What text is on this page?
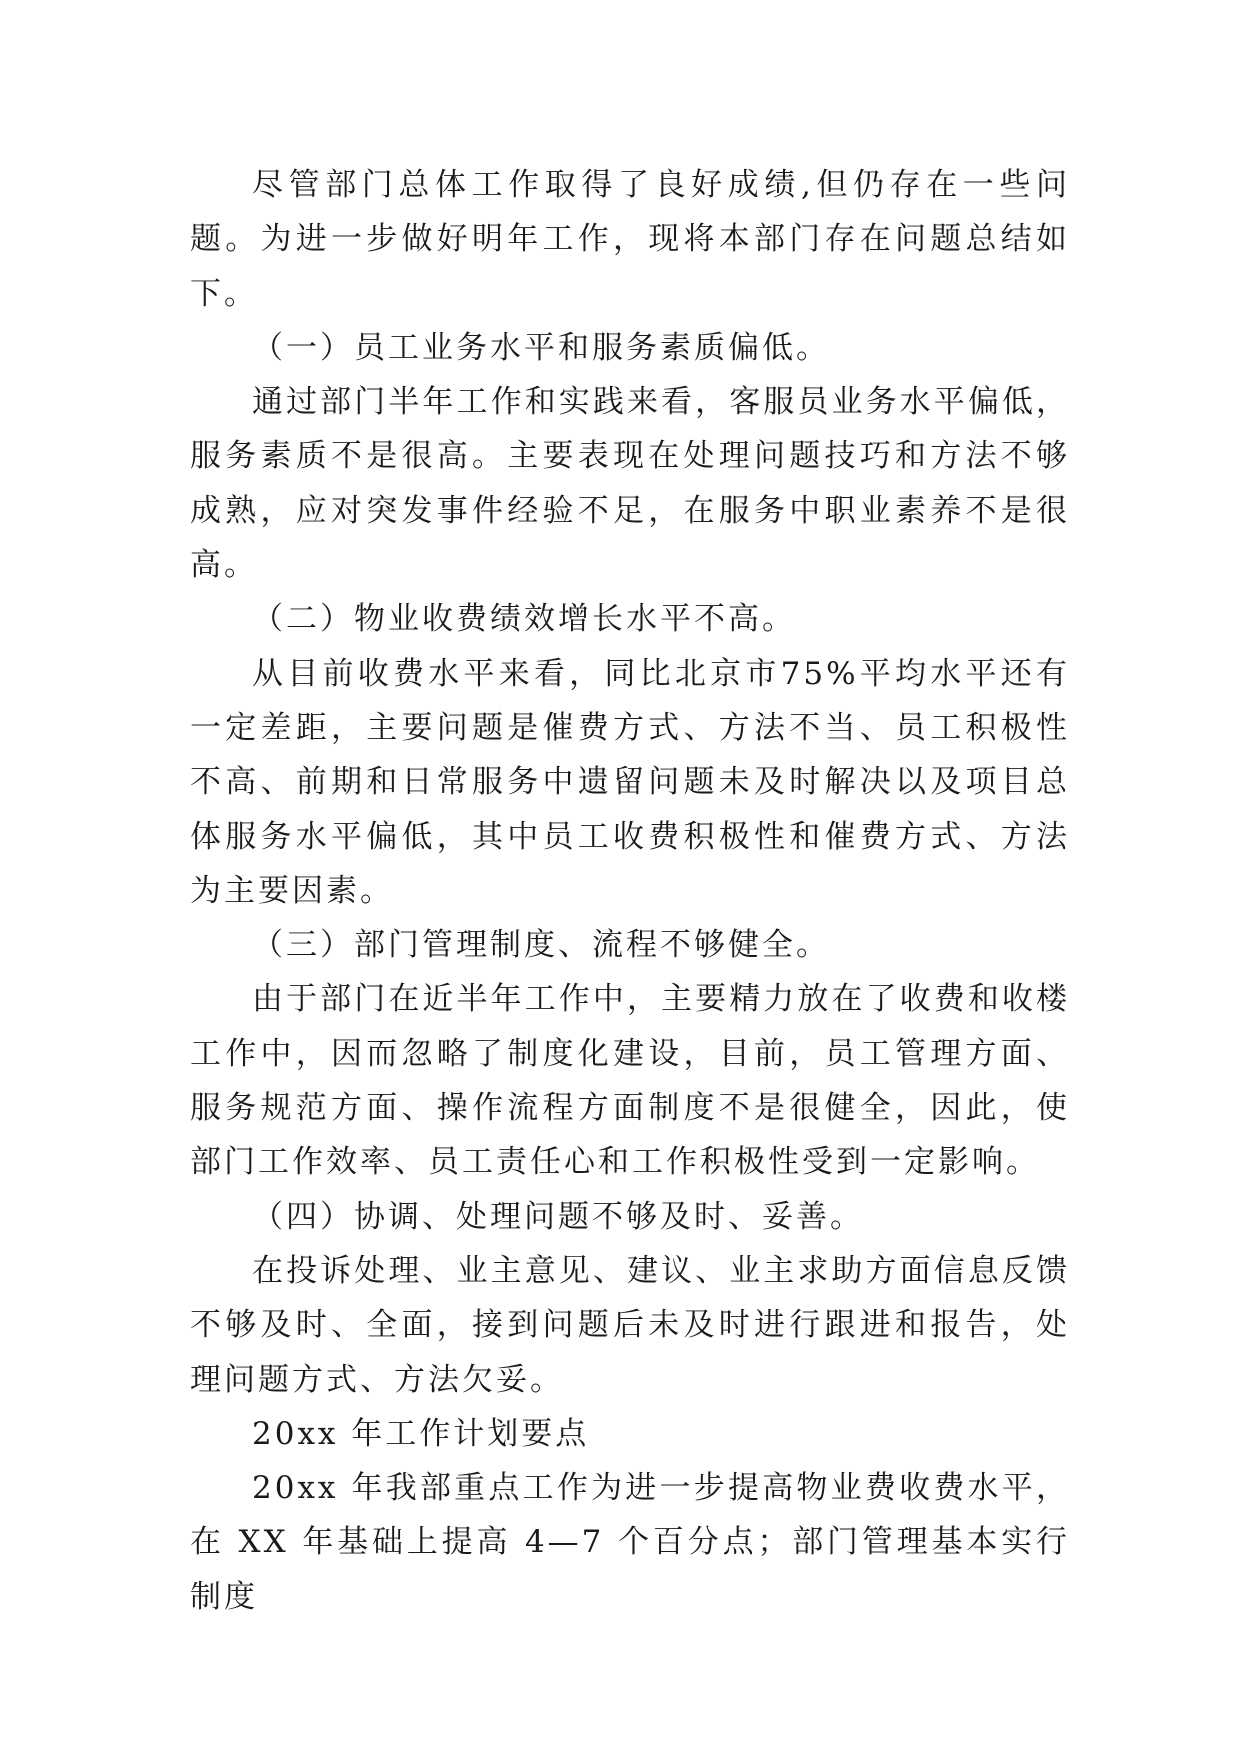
尽管部门总体工作取得了良好成绩,但仍存在一些问题。为进一步做好明年工作，现将本部门存在问题总结如下。

（一）员工业务水平和服务素质偏低。

通过部门半年工作和实践来看，客服员业务水平偏低，服务素质不是很高。主要表现在处理问题技巧和方法不够成熟，应对突发事件经验不足，在服务中职业素养不是很高。

（二）物业收费绩效增长水平不高。

从目前收费水平来看，同比北京市75%平均水平还有一定差距，主要问题是催费方式、方法不当、员工积极性不高、前期和日常服务中遗留问题未及时解决以及项目总体服务水平偏低，其中员工收费积极性和催费方式、方法为主要因素。

（三）部门管理制度、流程不够健全。

由于部门在近半年工作中，主要精力放在了收费和收楼工作中，因而忽略了制度化建设，目前，员工管理方面、服务规范方面、操作流程方面制度不是很健全，因此，使部门工作效率、员工责任心和工作积极性受到一定影响。

（四）协调、处理问题不够及时、妥善。

在投诉处理、业主意见、建议、业主求助方面信息反馈不够及时、全面，接到问题后未及时进行跟进和报告，处理问题方式、方法欠妥。

20xx 年工作计划要点

20xx 年我部重点工作为进一步提高物业费收费水平，在 XX 年基础上提高 4—7 个百分点；部门管理基本实行制度
